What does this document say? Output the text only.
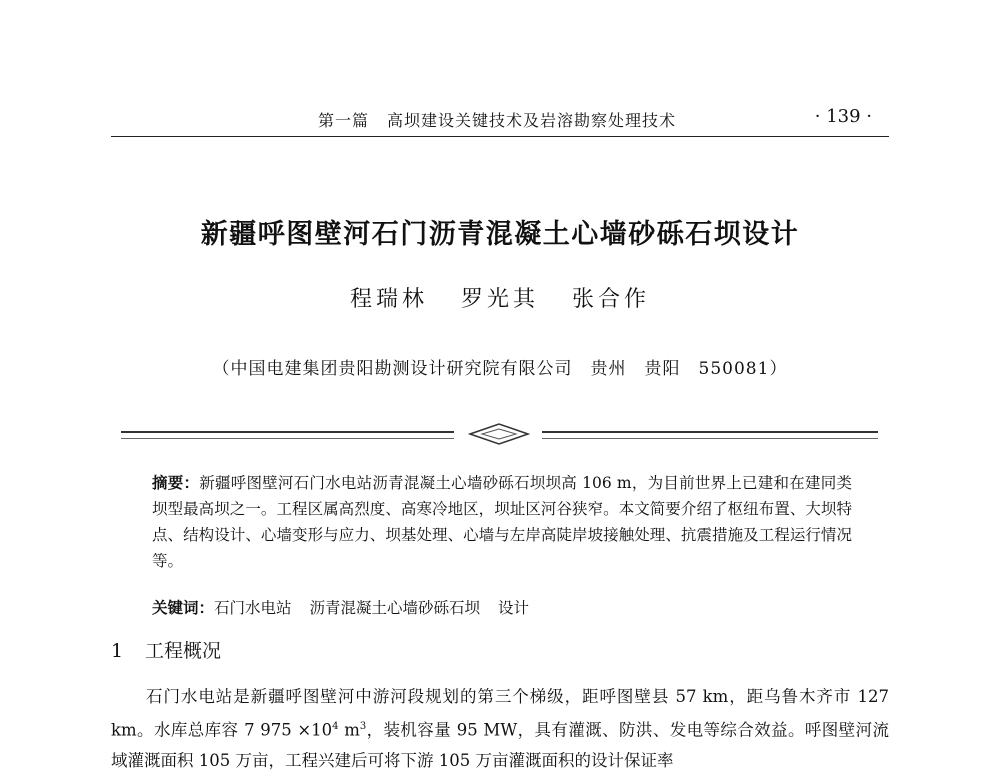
第一篇 高坝建设关键技术及岩溶勘察处理技术	· 139 ·
新疆呼图壁河石门沥青混凝土心墙砂砾石坝设计
程瑞林 罗光其 张合作
（中国电建集团贵阳勘测设计研究院有限公司　贵州　贵阳　550081）
摘要：新疆呼图壁河石门水电站沥青混凝土心墙砂砾石坝坝高 106 m，为目前世界上已建和在建同类坝型最高坝之一。工程区属高烈度、高寒冷地区，坝址区河谷狭窄。本文简要介绍了枢纽布置、大坝特点、结构设计、心墙变形与应力、坝基处理、心墙与左岸高陡岸坡接触处理、抗震措施及工程运行情况等。
关键词：石门水电站 沥青混凝土心墙砂砾石坝 设计
1 工程概况
石门水电站是新疆呼图壁河中游河段规划的第三个梯级，距呼图壁县 57 km，距乌鲁木齐市 127 km。水库总库容 7 $975 \times 10^4$ $m^3$，装机容量 95 MW，具有灌溉、防洪、发电等综合效益。呼图壁河流域灌溉面积 105 万亩，工程兴建后可将下游 105 万亩灌溉面积的设计保证率
